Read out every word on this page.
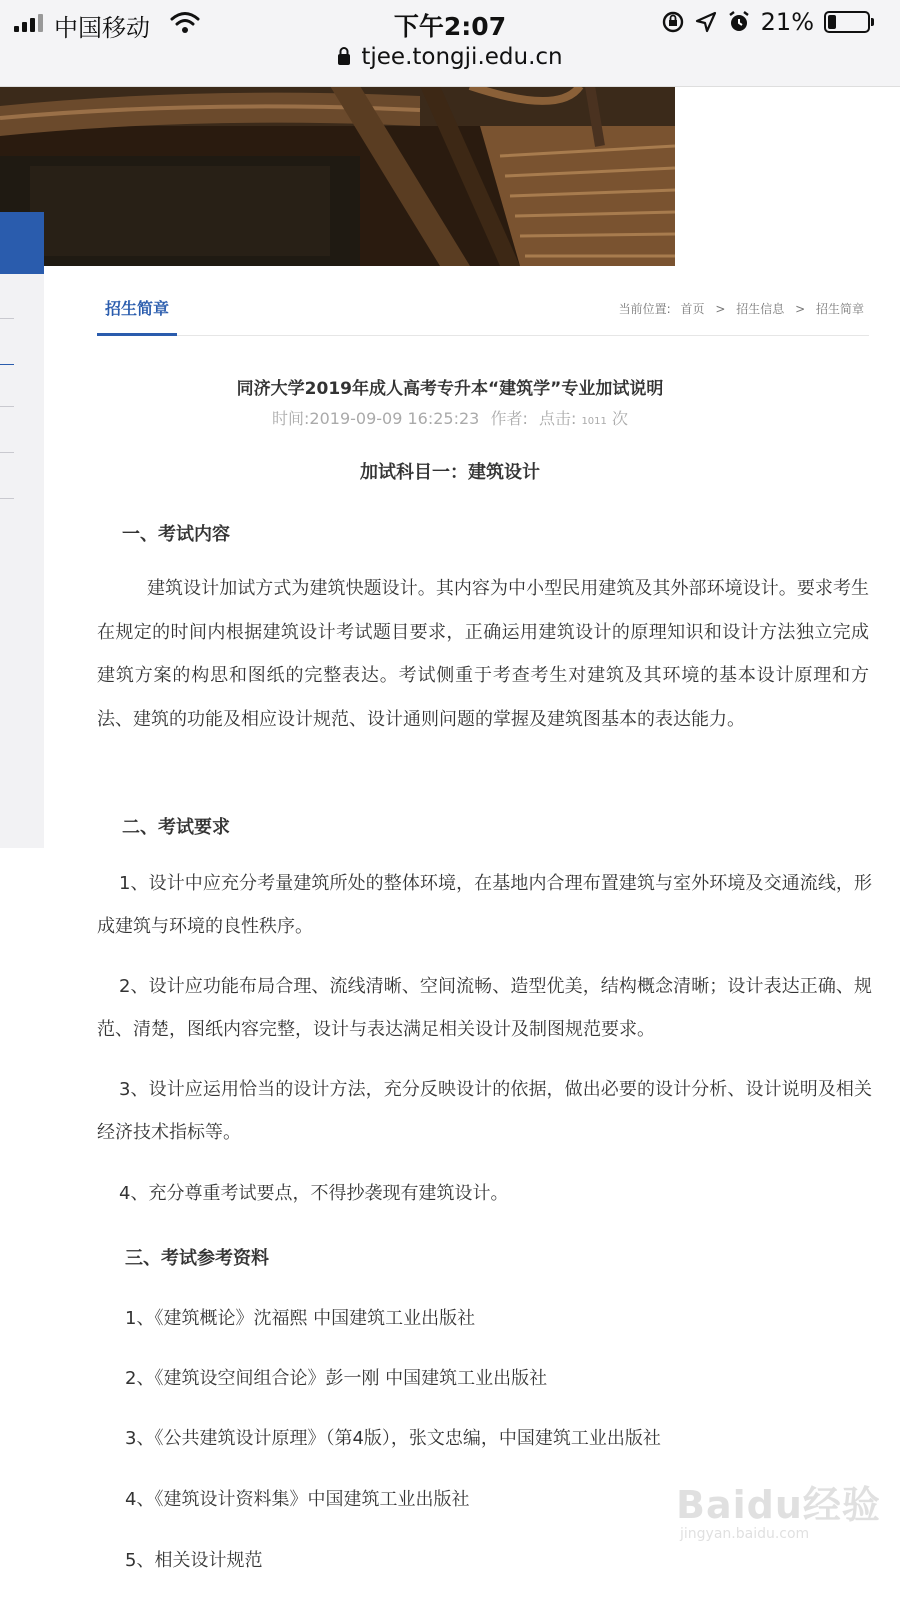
中国移动	下午2:07	21%
tjee.tongji.edu.cn
招生简章	当前位置: 首页 > 招生信息 > 招生简章
同济大学2019年成人高考专升本“建筑学”专业加试说明
时间:2019-09-09 16:25:23 作者: 点击: 1011 次
加试科目一：建筑设计
一、考试内容

建筑设计加试方式为建筑快题设计。其内容为中小型民用建筑及其外部环境设计。要求考生在规定的时间内根据建筑设计考试题目要求，正确运用建筑设计的原理知识和设计方法独立完成建筑方案的构思和图纸的完整表达。考试侧重于考查考生对建筑及其环境的基本设计原理和方法、建筑的功能及相应设计规范、设计通则问题的掌握及建筑图基本的表达能力。

二、考试要求

1、设计中应充分考量建筑所处的整体环境，在基地内合理布置建筑与室外环境及交通流线，形成建筑与环境的良性秩序。

2、设计应功能布局合理、流线清晰、空间流畅、造型优美，结构概念清晰；设计表达正确、规范、清楚，图纸内容完整，设计与表达满足相关设计及制图规范要求。

3、设计应运用恰当的设计方法，充分反映设计的依据，做出必要的设计分析、设计说明及相关经济技术指标等。

4、充分尊重考试要点，不得抄袭现有建筑设计。

三、考试参考资料
1、《建筑概论》沈福熙 中国建筑工业出版社
2、《建筑设空间组合论》彭一刚 中国建筑工业出版社
3、《公共建筑设计原理》（第4版），张文忠编，中国建筑工业出版社
4、《建筑设计资料集》中国建筑工业出版社
5、相关设计规范
Baidu经验
jingyan.baidu.com
